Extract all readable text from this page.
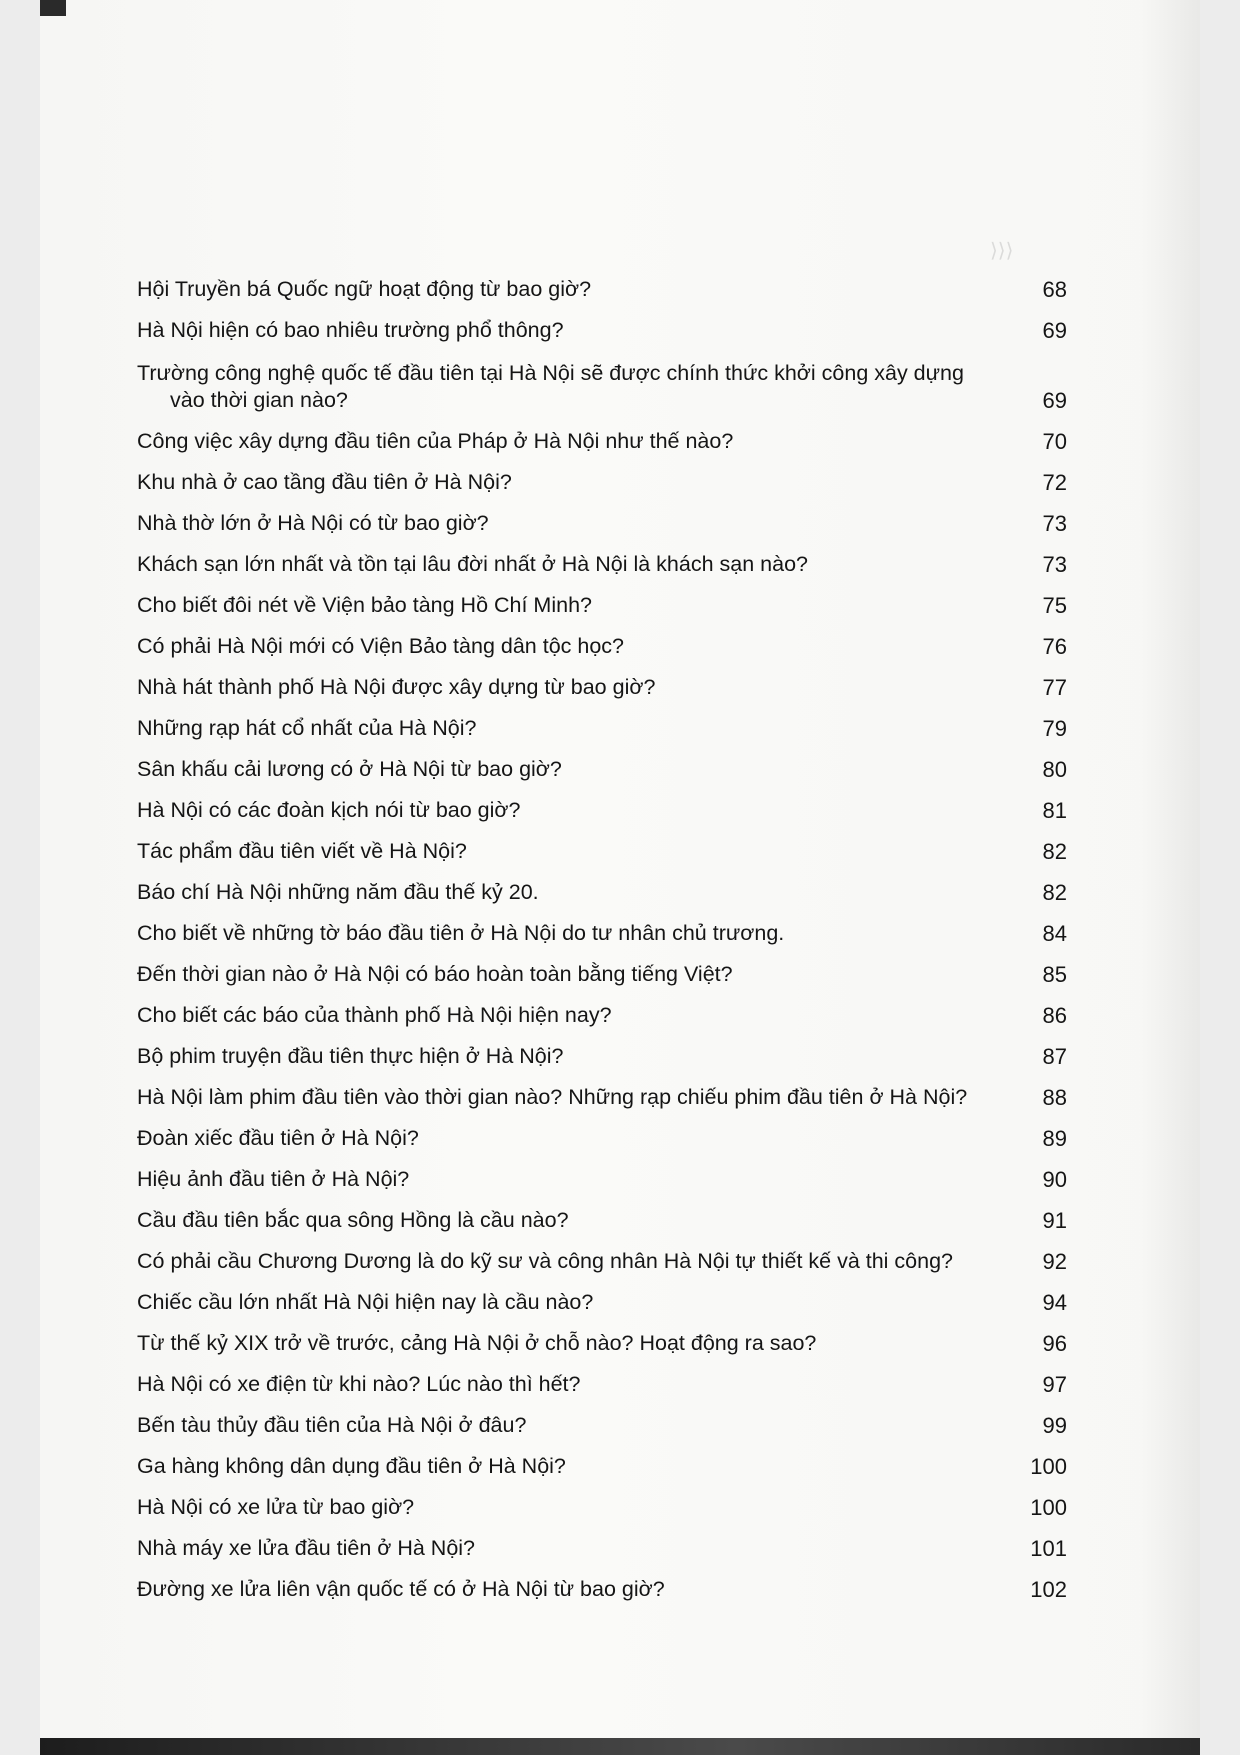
⟩⟩⟩
Hội Truyền bá Quốc ngữ hoạt động từ bao giờ?	68
Hà Nội hiện có bao nhiêu trường phổ thông?	69
Trường công nghệ quốc tế đầu tiên tại Hà Nội sẽ được chính thức khởi công xây dựng
vào thời gian nào?	69
Công việc xây dựng đầu tiên của Pháp ở Hà Nội như thế nào?	70
Khu nhà ở cao tầng đầu tiên ở Hà Nội?	72
Nhà thờ lớn ở Hà Nội có từ bao giờ?	73
Khách sạn lớn nhất và tồn tại lâu đời nhất ở Hà Nội là khách sạn nào?	73
Cho biết đôi nét về Viện bảo tàng Hồ Chí Minh?	75
Có phải Hà Nội mới có Viện Bảo tàng dân tộc học?	76
Nhà hát thành phố Hà Nội được xây dựng từ bao giờ?	77
Những rạp hát cổ nhất của Hà Nội?	79
Sân khấu cải lương có ở Hà Nội từ bao giờ?	80
Hà Nội có các đoàn kịch nói từ bao giờ?	81
Tác phẩm đầu tiên viết về Hà Nội?	82
Báo chí Hà Nội những năm đầu thế kỷ 20.	82
Cho biết về những tờ báo đầu tiên ở Hà Nội do tư nhân chủ trương.	84
Đến thời gian nào ở Hà Nội có báo hoàn toàn bằng tiếng Việt?	85
Cho biết các báo của thành phố Hà Nội hiện nay?	86
Bộ phim truyện đầu tiên thực hiện ở Hà Nội?	87
Hà Nội làm phim đầu tiên vào thời gian nào? Những rạp chiếu phim đầu tiên ở Hà Nội?	88
Đoàn xiếc đầu tiên ở Hà Nội?	89
Hiệu ảnh đầu tiên ở Hà Nội?	90
Cầu đầu tiên bắc qua sông Hồng là cầu nào?	91
Có phải cầu Chương Dương là do kỹ sư và công nhân Hà Nội tự thiết kế và thi công?	92
Chiếc cầu lớn nhất Hà Nội hiện nay là cầu nào?	94
Từ thế kỷ XIX trở về trước, cảng Hà Nội ở chỗ nào? Hoạt động ra sao?	96
Hà Nội có xe điện từ khi nào? Lúc nào thì hết?	97
Bến tàu thủy đầu tiên của Hà Nội ở đâu?	99
Ga hàng không dân dụng đầu tiên ở Hà Nội?	100
Hà Nội có xe lửa từ bao giờ?	100
Nhà máy xe lửa đầu tiên ở Hà Nội?	101
Đường xe lửa liên vận quốc tế có ở Hà Nội từ bao giờ?	102
